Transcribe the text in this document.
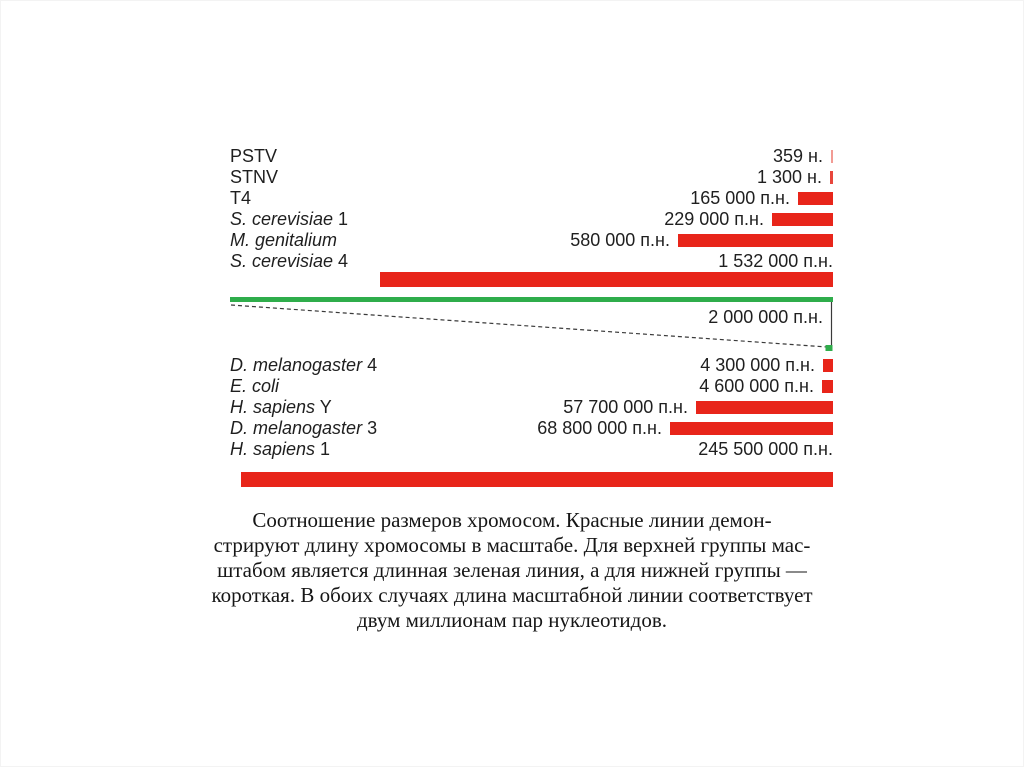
PSTV	359 н.
STNV	1 300 н.
T4	165 000 п.н.
S. cerevisiae 1	229 000 п.н.
M. genitalium	580 000 п.н.
S. cerevisiae 4	1 532 000 п.н.
2 000 000 п.н.
D. melanogaster 4	4 300 000 п.н.
E. coli	4 600 000 п.н.
H. sapiens Y	57 700 000 п.н.
D. melanogaster 3	68 800 000 п.н.
H. sapiens 1	245 500 000 п.н.
Соотношение размеров хромосом. Красные линии демон-
стрируют длину хромосомы в масштабе. Для верхней группы мас-
штабом является длинная зеленая линия, а для нижней группы —
короткая. В обоих случаях длина масштабной линии соответствует
двум миллионам пар нуклеотидов.
